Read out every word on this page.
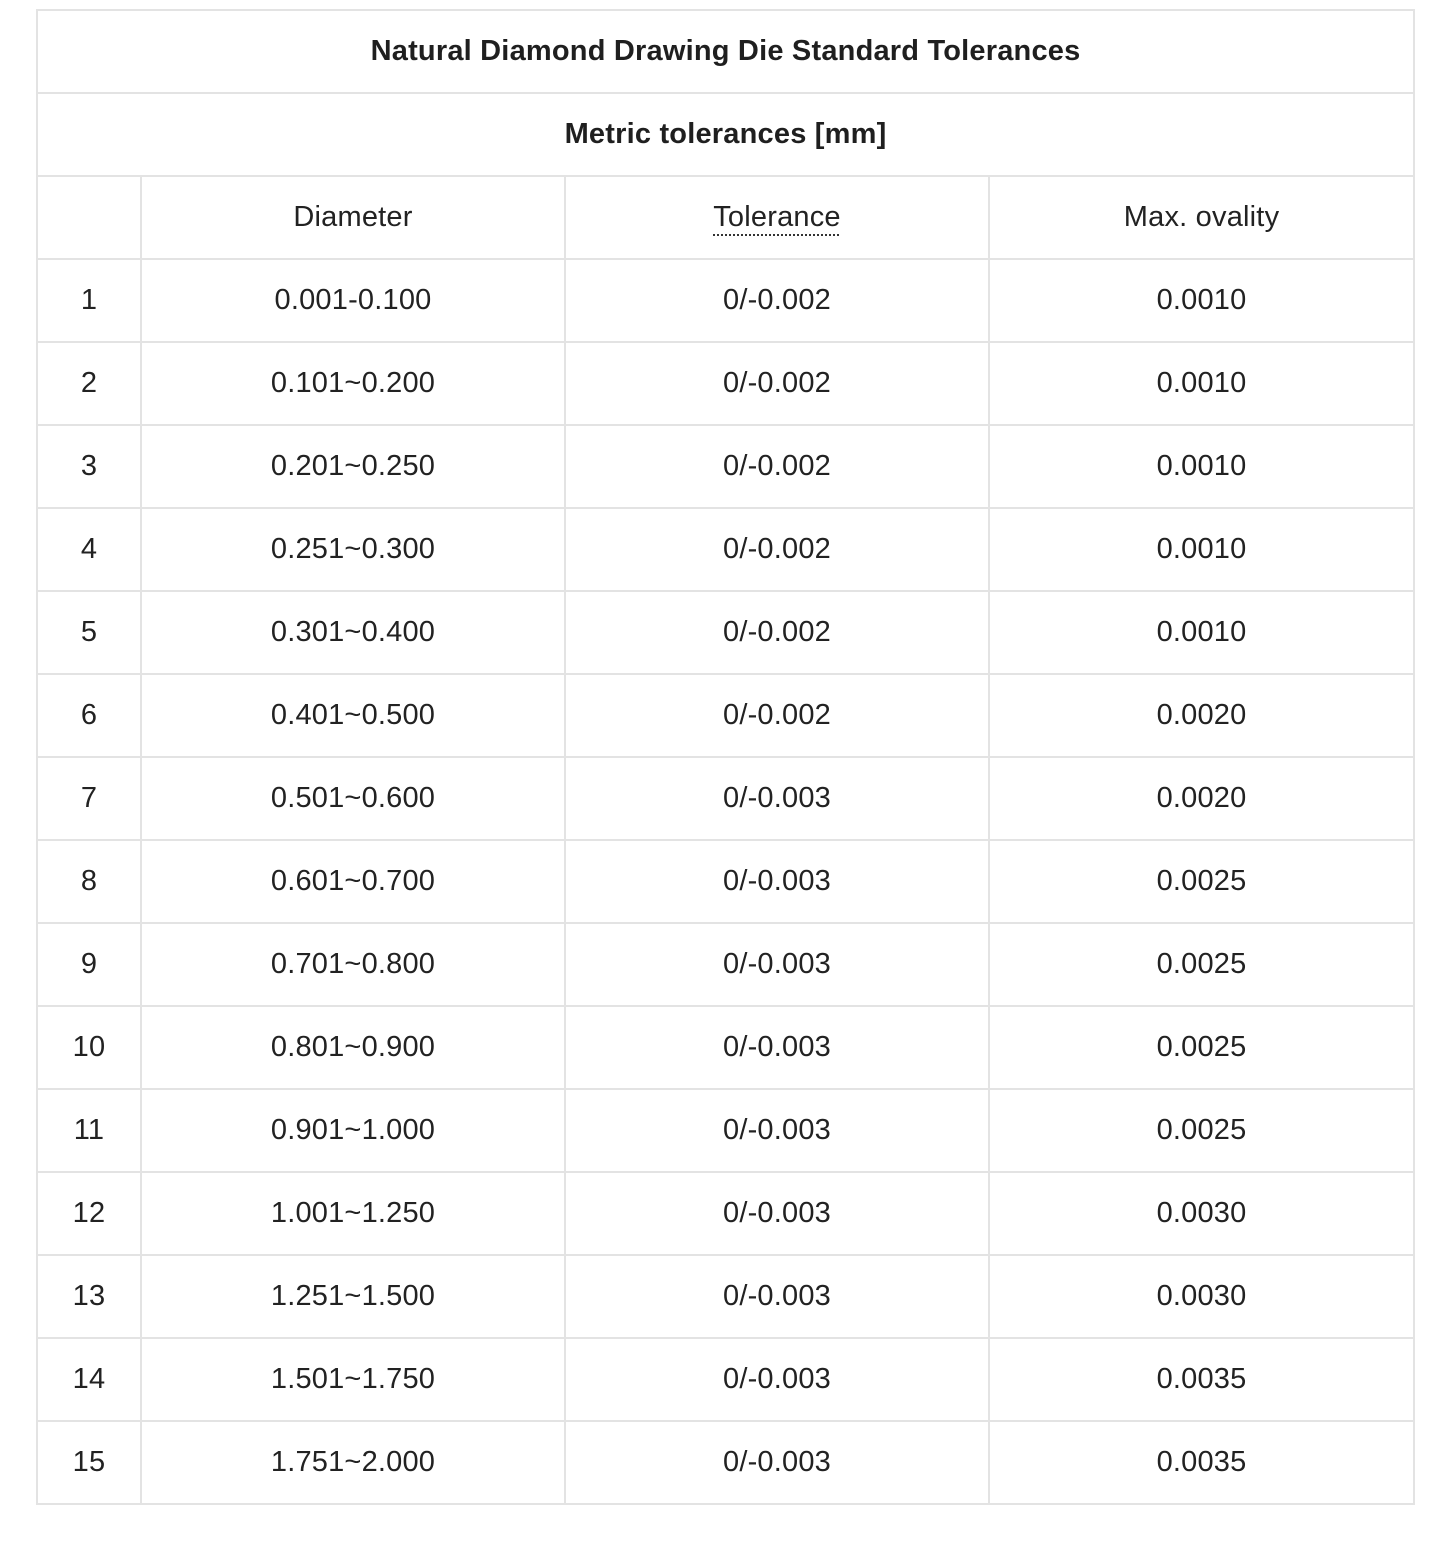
Natural Diamond Drawing Die Standard Tolerances			
Metric tolerances [mm]			
	Diameter	Tolerance	Max. ovality
1	0.001-0.100	0/-0.002	0.0010
2	0.101~0.200	0/-0.002	0.0010
3	0.201~0.250	0/-0.002	0.0010
4	0.251~0.300	0/-0.002	0.0010
5	0.301~0.400	0/-0.002	0.0010
6	0.401~0.500	0/-0.002	0.0020
7	0.501~0.600	0/-0.003	0.0020
8	0.601~0.700	0/-0.003	0.0025
9	0.701~0.800	0/-0.003	0.0025
10	0.801~0.900	0/-0.003	0.0025
11	0.901~1.000	0/-0.003	0.0025
12	1.001~1.250	0/-0.003	0.0030
13	1.251~1.500	0/-0.003	0.0030
14	1.501~1.750	0/-0.003	0.0035
15	1.751~2.000	0/-0.003	0.0035
